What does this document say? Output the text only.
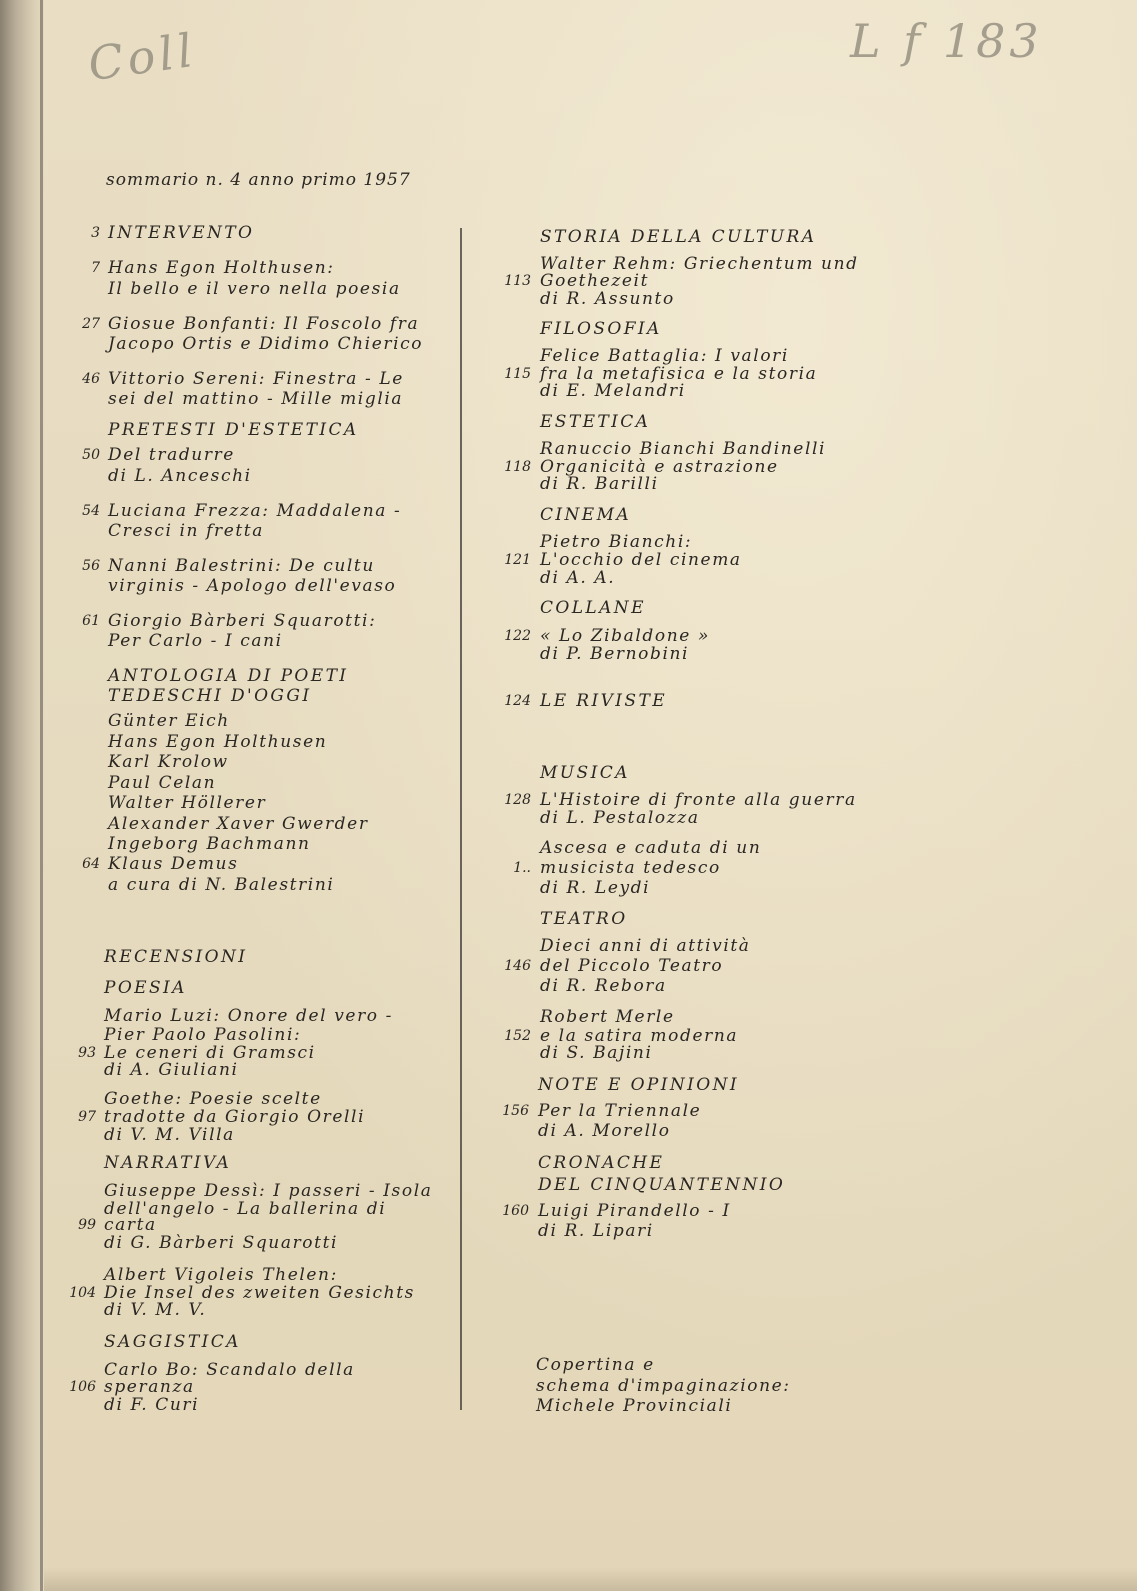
Coll	L f 183
sommario n. 4 anno primo 1957
3 INTERVENTO
7 Hans Egon Holthusen:
Il bello e il vero nella poesia
27 Giosue Bonfanti: Il Foscolo fra
Jacopo Ortis e Didimo Chierico
46 Vittorio Sereni: Finestra - Le
sei del mattino - Mille miglia
PRETESTI D'ESTETICA
50 Del tradurre
di L. Anceschi
54 Luciana Frezza: Maddalena -
Cresci in fretta
56 Nanni Balestrini: De cultu
virginis - Apologo dell'evaso
61 Giorgio Bàrberi Squarotti:
Per Carlo - I cani
ANTOLOGIA DI POETI
TEDESCHI D'OGGI
Günter Eich
Hans Egon Holthusen
Karl Krolow
Paul Celan
Walter Höllerer
Alexander Xaver Gwerder
Ingeborg Bachmann
64 Klaus Demus
a cura di N. Balestrini
RECENSIONI
POESIA
Mario Luzi: Onore del vero -
Pier Paolo Pasolini:
93 Le ceneri di Gramsci
di A. Giuliani
Goethe: Poesie scelte
97 tradotte da Giorgio Orelli
di V. M. Villa
NARRATIVA
Giuseppe Dessì: I passeri - Isola
dell'angelo - La ballerina di
99 carta
di G. Bàrberi Squarotti
Albert Vigoleis Thelen:
104 Die Insel des zweiten Gesichts
di V. M. V.
SAGGISTICA
Carlo Bo: Scandalo della
106 speranza
di F. Curi
STORIA DELLA CULTURA
Walter Rehm: Griechentum und
113 Goethezeit
di R. Assunto
FILOSOFIA
Felice Battaglia: I valori
115 fra la metafisica e la storia
di E. Melandri
ESTETICA
Ranuccio Bianchi Bandinelli
118 Organicità e astrazione
di R. Barilli
CINEMA
Pietro Bianchi:
121 L'occhio del cinema
di A. A.
COLLANE
122 « Lo Zibaldone »
di P. Bernobini
124 LE RIVISTE
MUSICA
128 L'Histoire di fronte alla guerra
di L. Pestalozza
Ascesa e caduta di un
1.. musicista tedesco
di R. Leydi
TEATRO
Dieci anni di attività
146 del Piccolo Teatro
di R. Rebora
Robert Merle
152 e la satira moderna
di S. Bajini
NOTE E OPINIONI
156 Per la Triennale
di A. Morello
CRONACHE
DEL CINQUANTENNIO
160 Luigi Pirandello - I
di R. Lipari
Copertina e
schema d'impaginazione:
Michele Provinciali
